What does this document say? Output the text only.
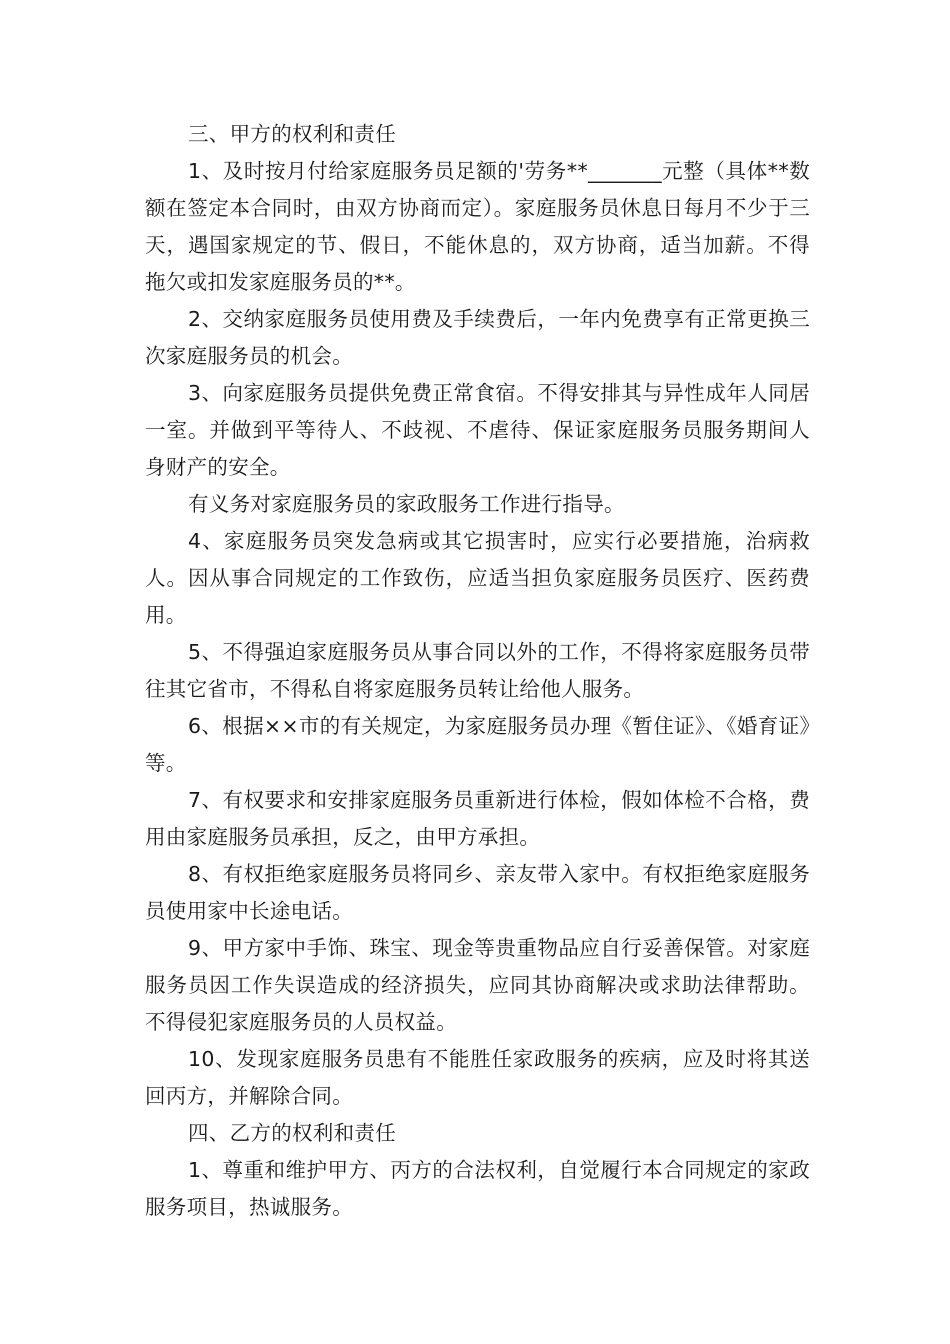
三、甲方的权利和责任

1、及时按月付给家庭服务员足额的'劳务**_______元整（具体**数额在签定本合同时，由双方协商而定）。家庭服务员休息日每月不少于三天，遇国家规定的节、假日，不能休息的，双方协商，适当加薪。不得拖欠或扣发家庭服务员的**。

2、交纳家庭服务员使用费及手续费后，一年内免费享有正常更换三次家庭服务员的机会。

3、向家庭服务员提供免费正常食宿。不得安排其与异性成年人同居一室。并做到平等待人、不歧视、不虐待、保证家庭服务员服务期间人身财产的安全。

有义务对家庭服务员的家政服务工作进行指导。

4、家庭服务员突发急病或其它损害时，应实行必要措施，治病救人。因从事合同规定的工作致伤，应适当担负家庭服务员医疗、医药费用。

5、不得强迫家庭服务员从事合同以外的工作，不得将家庭服务员带往其它省市，不得私自将家庭服务员转让给他人服务。

6、根据××市的有关规定，为家庭服务员办理《暂住证》、《婚育证》等。

7、有权要求和安排家庭服务员重新进行体检，假如体检不合格，费用由家庭服务员承担，反之，由甲方承担。

8、有权拒绝家庭服务员将同乡、亲友带入家中。有权拒绝家庭服务员使用家中长途电话。

9、甲方家中手饰、珠宝、现金等贵重物品应自行妥善保管。对家庭服务员因工作失误造成的经济损失，应同其协商解决或求助法律帮助。不得侵犯家庭服务员的人员权益。

10、发现家庭服务员患有不能胜任家政服务的疾病，应及时将其送回丙方，并解除合同。

四、乙方的权利和责任

1、尊重和维护甲方、丙方的合法权利，自觉履行本合同规定的家政服务项目，热诚服务。
